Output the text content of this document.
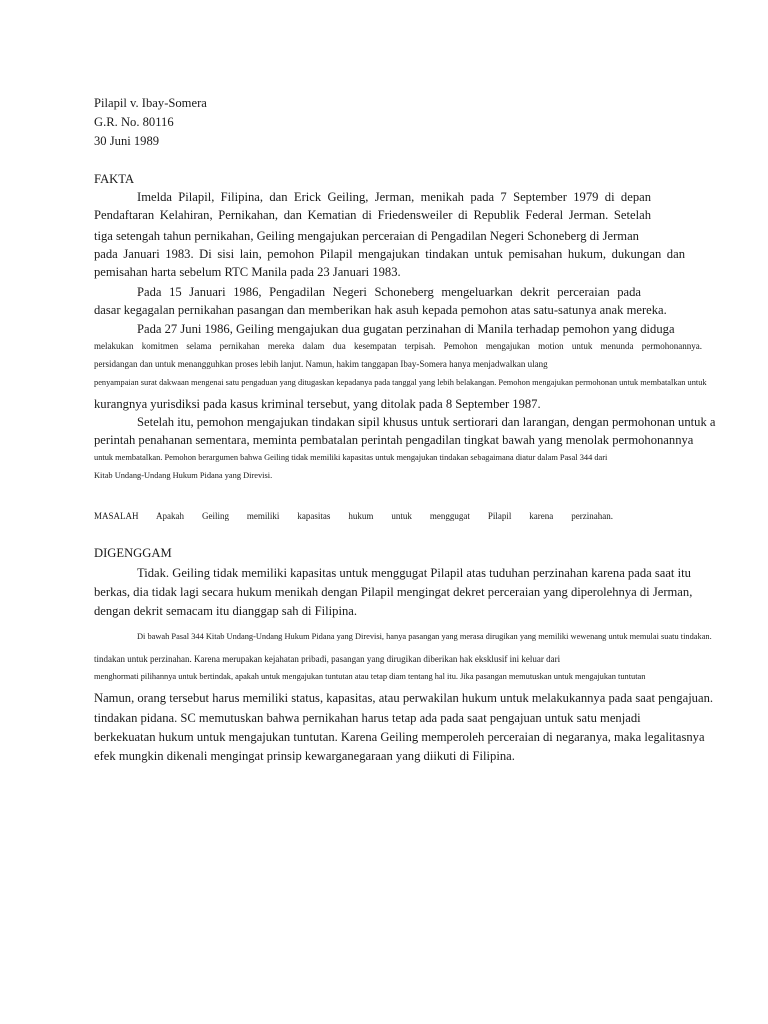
Pilapil v. Ibay-Somera
G.R. No. 80116
30 Juni 1989
FAKTA
Imelda Pilapil, Filipina, dan Erick Geiling, Jerman, menikah pada 7 September 1979 di depan
Pendaftaran Kelahiran, Pernikahan, dan Kematian di Friedensweiler di Republik Federal Jerman. Setelah
tiga setengah tahun pernikahan, Geiling mengajukan perceraian di Pengadilan Negeri Schoneberg di Jerman
pada Januari 1983. Di sisi lain, pemohon Pilapil mengajukan tindakan untuk pemisahan hukum, dukungan dan
pemisahan harta sebelum RTC Manila pada 23 Januari 1983.
Pada 15 Januari 1986, Pengadilan Negeri Schoneberg mengeluarkan dekrit perceraian pada
dasar kegagalan pernikahan pasangan dan memberikan hak asuh kepada pemohon atas satu-satunya anak mereka.
Pada 27 Juni 1986, Geiling mengajukan dua gugatan perzinahan di Manila terhadap pemohon yang diduga
melakukan komitmen selama pernikahan mereka dalam dua kesempatan terpisah. Pemohon mengajukan motion untuk menunda permohonannya.
persidangan dan untuk menangguhkan proses lebih lanjut. Namun, hakim tanggapan Ibay-Somera hanya menjadwalkan ulang
penyampaian surat dakwaan mengenai satu pengaduan yang ditugaskan kepadanya pada tanggal yang lebih belakangan. Pemohon mengajukan permohonan untuk membatalkan untuk
kurangnya yurisdiksi pada kasus kriminal tersebut, yang ditolak pada 8 September 1987.
Setelah itu, pemohon mengajukan tindakan sipil khusus untuk sertiorari dan larangan, dengan permohonan untuk a
perintah penahanan sementara, meminta pembatalan perintah pengadilan tingkat bawah yang menolak permohonannya
untuk membatalkan. Pemohon berargumen bahwa Geiling tidak memiliki kapasitas untuk mengajukan tindakan sebagaimana diatur dalam Pasal 344 dari
Kitab Undang-Undang Hukum Pidana yang Direvisi.
MASALAH Apakah Geiling memiliki kapasitas hukum untuk menggugat Pilapil karena perzinahan.
DIGENGGAM
Tidak. Geiling tidak memiliki kapasitas untuk menggugat Pilapil atas tuduhan perzinahan karena pada saat itu
berkas, dia tidak lagi secara hukum menikah dengan Pilapil mengingat dekret perceraian yang diperolehnya di Jerman,
dengan dekrit semacam itu dianggap sah di Filipina.
Di bawah Pasal 344 Kitab Undang-Undang Hukum Pidana yang Direvisi, hanya pasangan yang merasa dirugikan yang memiliki wewenang untuk memulai suatu tindakan.
tindakan untuk perzinahan. Karena merupakan kejahatan pribadi, pasangan yang dirugikan diberikan hak eksklusif ini keluar dari
menghormati pilihannya untuk bertindak, apakah untuk mengajukan tuntutan atau tetap diam tentang hal itu. Jika pasangan memutuskan untuk mengajukan tuntutan
Namun, orang tersebut harus memiliki status, kapasitas, atau perwakilan hukum untuk melakukannya pada saat pengajuan.
tindakan pidana. SC memutuskan bahwa pernikahan harus tetap ada pada saat pengajuan untuk satu menjadi
berkekuatan hukum untuk mengajukan tuntutan. Karena Geiling memperoleh perceraian di negaranya, maka legalitasnya
efek mungkin dikenali mengingat prinsip kewarganegaraan yang diikuti di Filipina.
